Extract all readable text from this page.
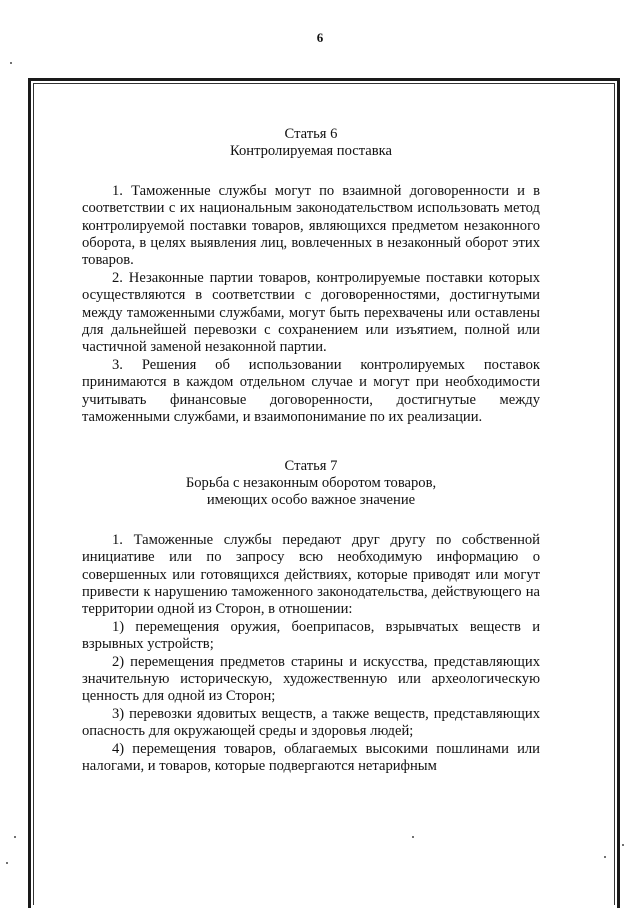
6

Статья 6

Контролируемая поставка

1. Таможенные службы могут по взаимной договоренности и в соответствии с их национальным законодательством использовать метод контролируемой поставки товаров, являющихся предметом незаконного оборота, в целях выявления лиц, вовлеченных в незаконный оборот этих товаров.

2. Незаконные партии товаров, контролируемые поставки которых осуществляются в соответствии с договоренностями, достигнутыми между таможенными службами, могут быть перехвачены или оставлены для дальнейшей перевозки с сохранением или изъятием, полной или частичной заменой незаконной партии.

3. Решения об использовании контролируемых поставок принимаются в каждом отдельном случае и могут при необходимости учитывать финансовые договоренности, достигнутые между таможенными службами, и взаимопонимание по их реализации.

Статья 7

Борьба с незаконным оборотом товаров,

имеющих особо важное значение

1. Таможенные службы передают друг другу по собственной инициативе или по запросу всю необходимую информацию о совершенных или готовящихся действиях, которые приводят или могут привести к нарушению таможенного законодательства, действующего на территории одной из Сторон, в отношении:

1) перемещения оружия, боеприпасов, взрывчатых веществ и взрывных устройств;

2) перемещения предметов старины и искусства, представляющих значительную историческую, художественную или археологическую ценность для одной из Сторон;

3) перевозки ядовитых веществ, а также веществ, представляющих опасность для окружающей среды и здоровья людей;

4) перемещения товаров, облагаемых высокими пошлинами или налогами, и товаров, которые подвергаются нетарифным
